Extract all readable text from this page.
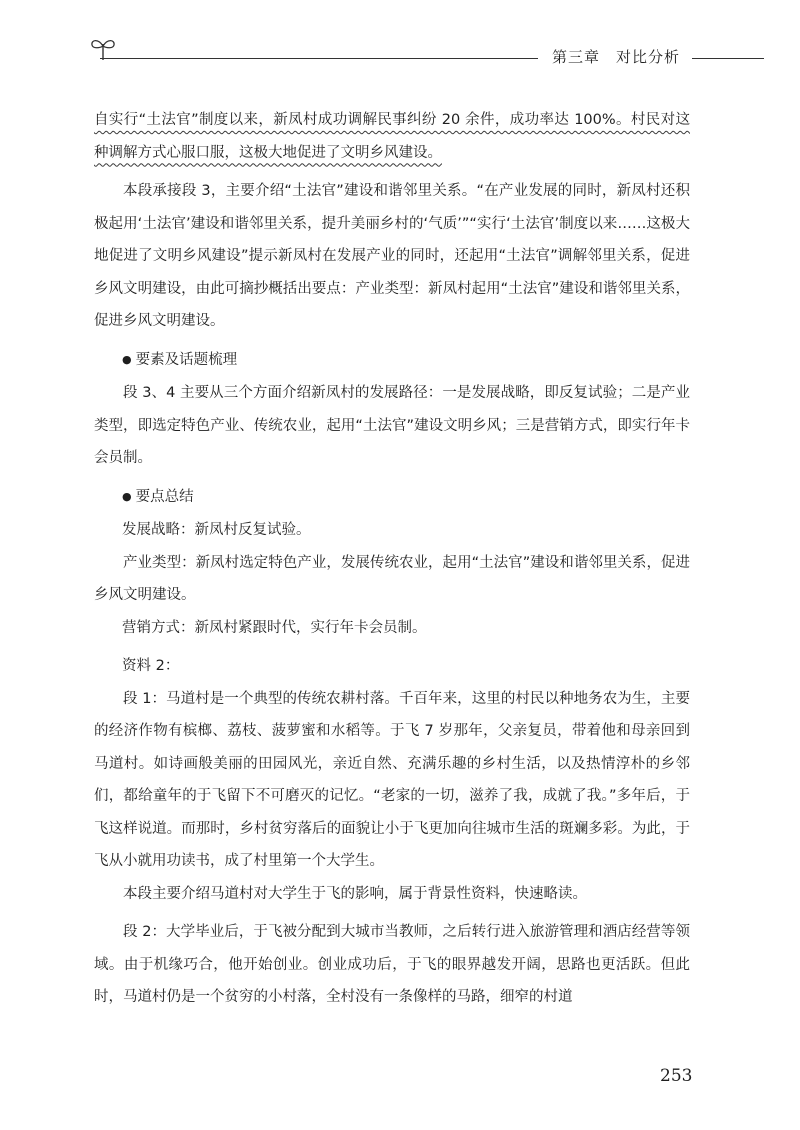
第三章　对比分析

自实行“土法官”制度以来，新凤村成功调解民事纠纷 20 余件，成功率达 100%。村民对这种调解方式心服口服，这极大地促进了文明乡风建设。

本段承接段 3，主要介绍“土法官”建设和谐邻里关系。“在产业发展的同时，新凤村还积极起用‘土法官’建设和谐邻里关系，提升美丽乡村的‘气质’”“实行‘土法官’制度以来……这极大地促进了文明乡风建设”提示新凤村在发展产业的同时，还起用“土法官”调解邻里关系，促进乡风文明建设，由此可摘抄概括出要点：产业类型：新凤村起用“土法官”建设和谐邻里关系，促进乡风文明建设。

● 要素及话题梳理

段 3、4 主要从三个方面介绍新凤村的发展路径：一是发展战略，即反复试验；二是产业类型，即选定特色产业、传统农业，起用“土法官”建设文明乡风；三是营销方式，即实行年卡会员制。

● 要点总结

发展战略：新凤村反复试验。

产业类型：新凤村选定特色产业，发展传统农业，起用“土法官”建设和谐邻里关系，促进乡风文明建设。

营销方式：新凤村紧跟时代，实行年卡会员制。

资料 2：

段 1：马道村是一个典型的传统农耕村落。千百年来，这里的村民以种地务农为生，主要的经济作物有槟榔、荔枝、菠萝蜜和水稻等。于飞 7 岁那年，父亲复员，带着他和母亲回到马道村。如诗画般美丽的田园风光，亲近自然、充满乐趣的乡村生活，以及热情淳朴的乡邻们，都给童年的于飞留下不可磨灭的记忆。“老家的一切，滋养了我，成就了我。”多年后，于飞这样说道。而那时，乡村贫穷落后的面貌让小于飞更加向往城市生活的斑斓多彩。为此，于飞从小就用功读书，成了村里第一个大学生。

本段主要介绍马道村对大学生于飞的影响，属于背景性资料，快速略读。

段 2：大学毕业后，于飞被分配到大城市当教师，之后转行进入旅游管理和酒店经营等领域。由于机缘巧合，他开始创业。创业成功后，于飞的眼界越发开阔，思路也更活跃。但此时，马道村仍是一个贫穷的小村落，全村没有一条像样的马路，细窄的村道

253
